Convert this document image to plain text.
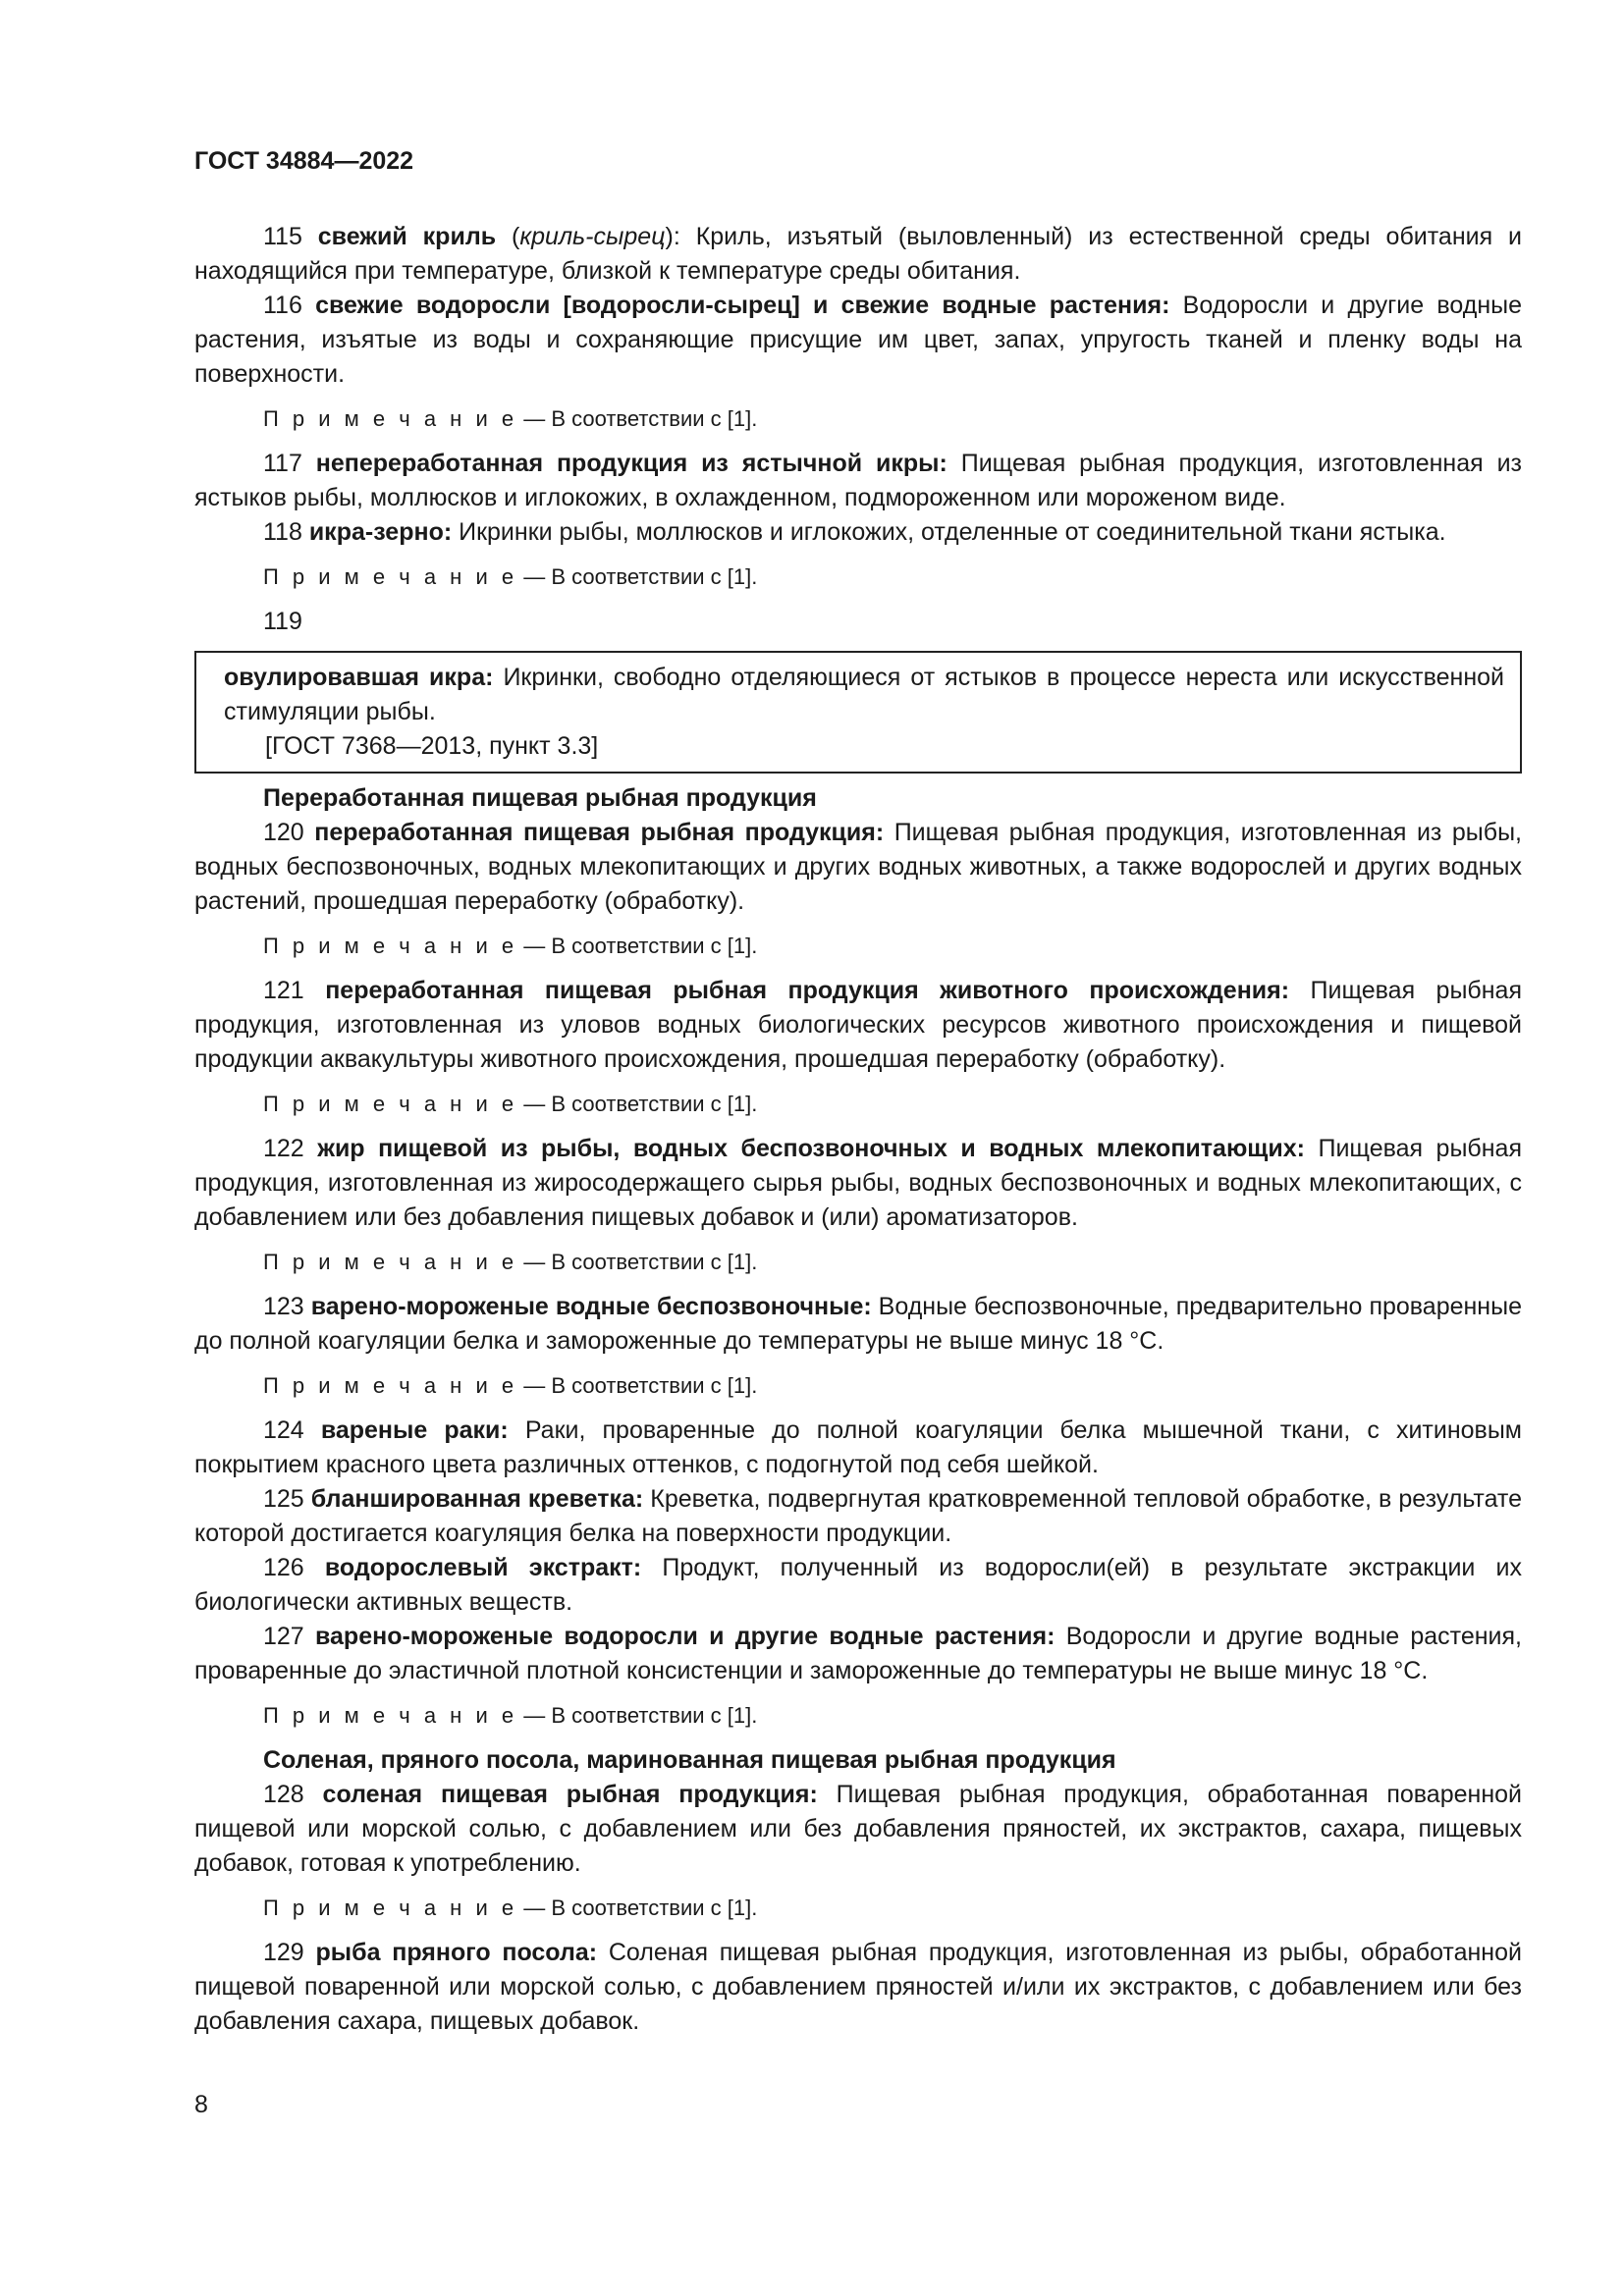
ГОСТ 34884—2022

115 свежий криль (криль-сырец): Криль, изъятый (выловленный) из естественной среды обитания и находящийся при температуре, близкой к температуре среды обитания.

116 свежие водоросли [водоросли-сырец] и свежие водные растения: Водоросли и другие водные растения, изъятые из воды и сохраняющие присущие им цвет, запах, упругость тканей и пленку воды на поверхности.

П р и м е ч а н и е — В соответствии с [1].

117 непереработанная продукция из ястычной икры: Пищевая рыбная продукция, изготовленная из ястыков рыбы, моллюсков и иглокожих, в охлажденном, подмороженном или мороженом виде.

118 икра-зерно: Икринки рыбы, моллюсков и иглокожих, отделенные от соединительной ткани ястыка.

П р и м е ч а н и е — В соответствии с [1].
119

овулировавшая икра: Икринки, свободно отделяющиеся от ястыков в процессе нереста или искусственной стимуляции рыбы.

[ГОСТ 7368—2013, пункт 3.3]
Переработанная пищевая рыбная продукция

120 переработанная пищевая рыбная продукция: Пищевая рыбная продукция, изготовленная из рыбы, водных беспозвоночных, водных млекопитающих и других водных животных, а также водорослей и других водных растений, прошедшая переработку (обработку).

П р и м е ч а н и е — В соответствии с [1].

121 переработанная пищевая рыбная продукция животного происхождения: Пищевая рыбная продукция, изготовленная из уловов водных биологических ресурсов животного происхождения и пищевой продукции аквакультуры животного происхождения, прошедшая переработку (обработку).

П р и м е ч а н и е — В соответствии с [1].

122 жир пищевой из рыбы, водных беспозвоночных и водных млекопитающих: Пищевая рыбная продукция, изготовленная из жиросодержащего сырья рыбы, водных беспозвоночных и водных млекопитающих, с добавлением или без добавления пищевых добавок и (или) ароматизаторов.

П р и м е ч а н и е — В соответствии с [1].

123 варено-мороженые водные беспозвоночные: Водные беспозвоночные, предварительно проваренные до полной коагуляции белка и замороженные до температуры не выше минус 18 °C.

П р и м е ч а н и е — В соответствии с [1].

124 вареные раки: Раки, проваренные до полной коагуляции белка мышечной ткани, с хитиновым покрытием красного цвета различных оттенков, с подогнутой под себя шейкой.

125 бланшированная креветка: Креветка, подвергнутая кратковременной тепловой обработке, в результате которой достигается коагуляция белка на поверхности продукции.

126 водорослевый экстракт: Продукт, полученный из водоросли(ей) в результате экстракции их биологически активных веществ.

127 варено-мороженые водоросли и другие водные растения: Водоросли и другие водные растения, проваренные до эластичной плотной консистенции и замороженные до температуры не выше минус 18 °C.

П р и м е ч а н и е — В соответствии с [1].
Соленая, пряного посола, маринованная пищевая рыбная продукция

128 соленая пищевая рыбная продукция: Пищевая рыбная продукция, обработанная поваренной пищевой или морской солью, с добавлением или без добавления пряностей, их экстрактов, сахара, пищевых добавок, готовая к употреблению.

П р и м е ч а н и е — В соответствии с [1].

129 рыба пряного посола: Соленая пищевая рыбная продукция, изготовленная из рыбы, обработанной пищевой поваренной или морской солью, с добавлением пряностей и/или их экстрактов, с добавлением или без добавления сахара, пищевых добавок.

8
